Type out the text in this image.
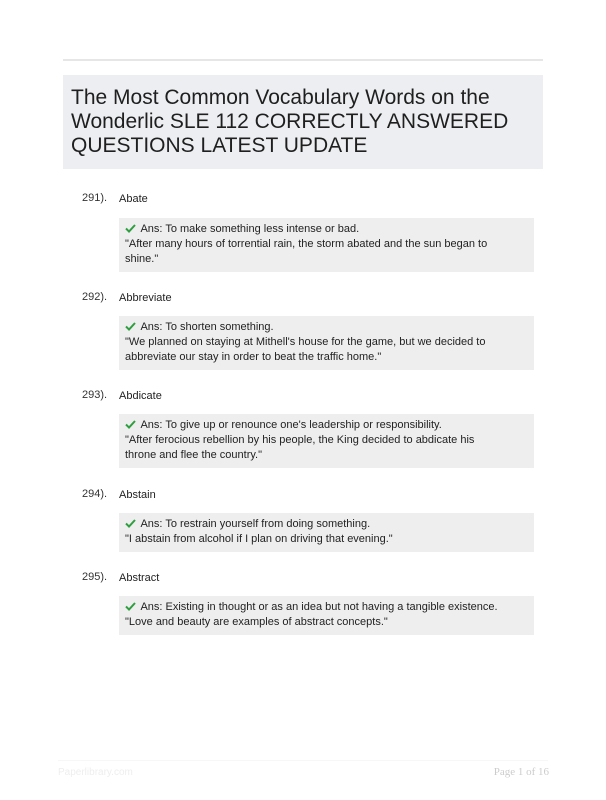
The Most Common Vocabulary Words on the Wonderlic SLE 112 CORRECTLY ANSWERED QUESTIONS LATEST UPDATE
291). Abate
Ans: To make something less intense or bad.
"After many hours of torrential rain, the storm abated and the sun began to
shine."
292). Abbreviate
Ans: To shorten something.
"We planned on staying at Mithell's house for the game, but we decided to
abbreviate our stay in order to beat the traffic home."
293). Abdicate
Ans: To give up or renounce one's leadership or responsibility.
"After ferocious rebellion by his people, the King decided to abdicate his
throne and flee the country."
294). Abstain
Ans: To restrain yourself from doing something.
"I abstain from alcohol if I plan on driving that evening."
295). Abstract
Ans: Existing in thought or as an idea but not having a tangible existence.
"Love and beauty are examples of abstract concepts."
Paperlibrary.com	Page 1 of 16
